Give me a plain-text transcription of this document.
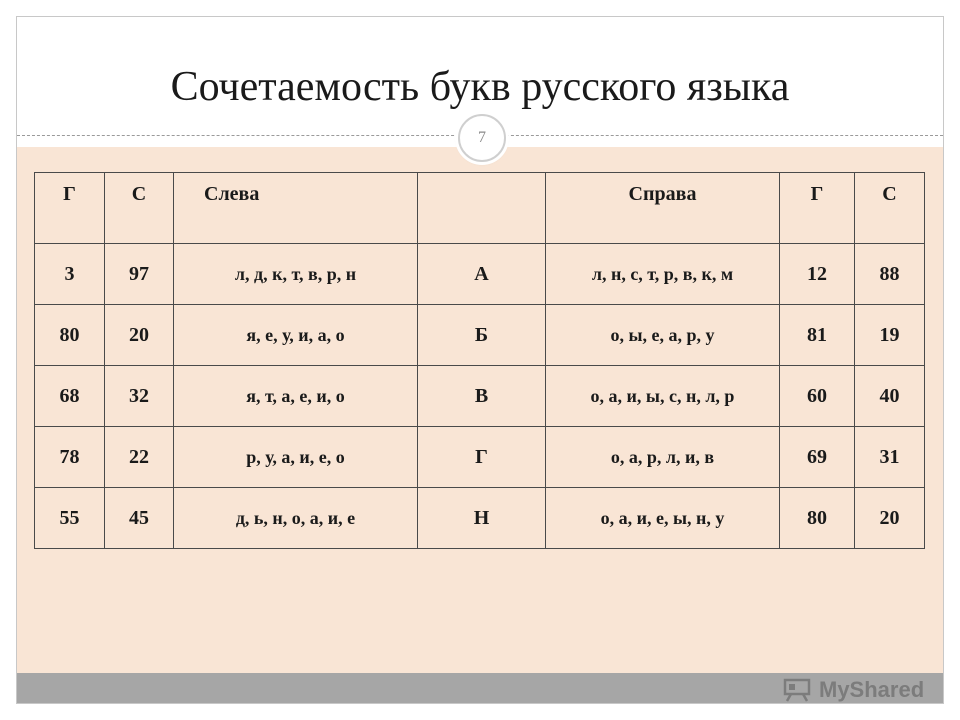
Сочетаемость букв русского языка
7
Г	С	Слева		Справа	Г	С
3	97	л, д, к, т, в, р, н	А	л, н, с, т, р, в, к, м	12	88
80	20	я, е, у, и, а, о	Б	о, ы, е, а, р, у	81	19
68	32	я, т, а, е, и, о	В	о, а, и, ы, с, н, л, р	60	40
78	22	р, у, а, и, е, о	Г	о, а, р, л, и, в	69	31
55	45	д, ь, н, о, а, и, е	Н	о, а, и, е, ы, н, у	80	20
MyShared
